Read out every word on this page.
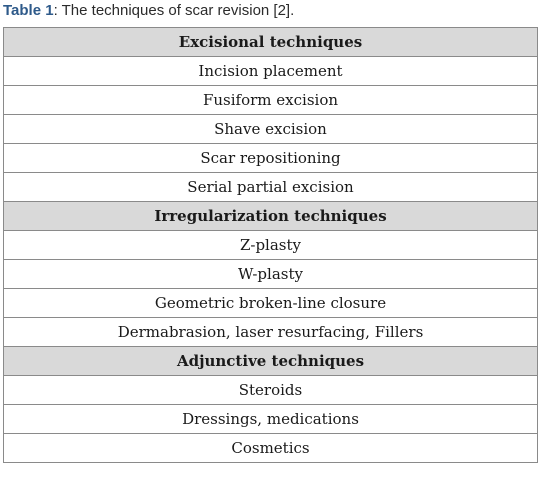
Table 1: The techniques of scar revision [2].
Excisional techniques
Incision placement
Fusiform excision
Shave excision
Scar repositioning
Serial partial excision
Irregularization techniques
Z-plasty
W-plasty
Geometric broken-line closure
Dermabrasion, laser resurfacing, Fillers
Adjunctive techniques
Steroids
Dressings, medications
Cosmetics
